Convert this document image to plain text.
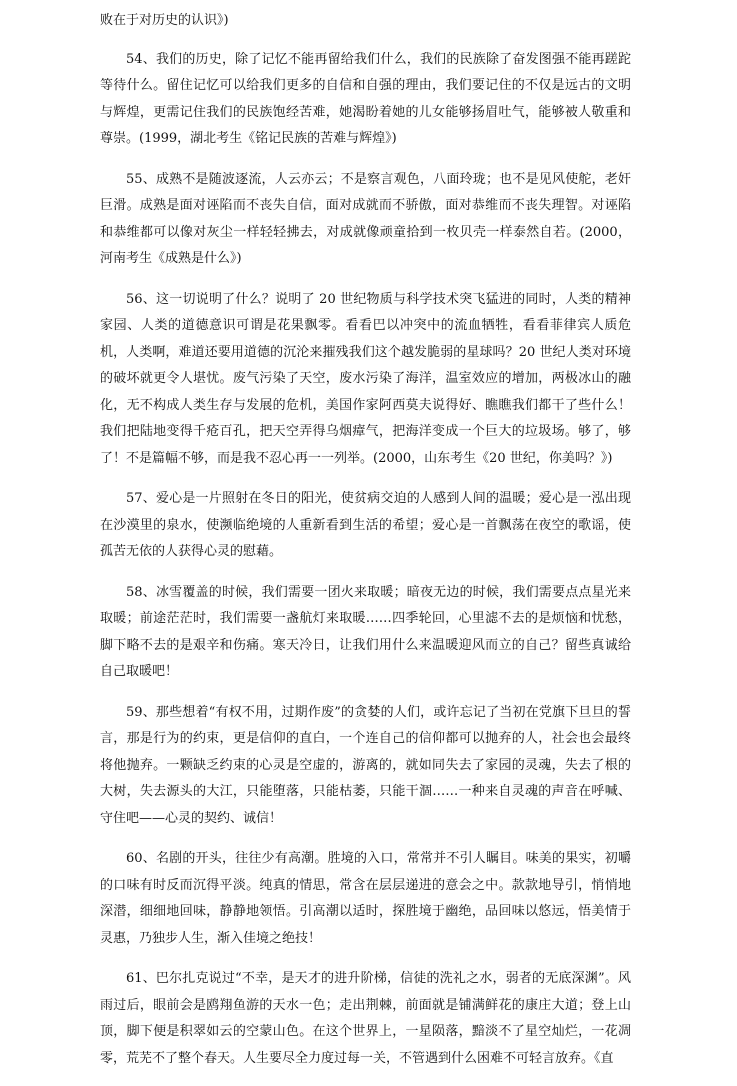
败在于对历史的认识》)

54、我们的历史，除了记忆不能再留给我们什么，我们的民族除了奋发图强不能再蹉跎等待什么。留住记忆可以给我们更多的自信和自强的理由，我们要记住的不仅是远古的文明与辉煌，更需记住我们的民族饱经苦难，她渴盼着她的儿女能够扬眉吐气，能够被人敬重和尊崇。(1999，湖北考生《铭记民族的苦难与辉煌》)

55、成熟不是随波逐流，人云亦云；不是察言观色，八面玲珑；也不是见风使舵，老奸巨滑。成熟是面对诬陷而不丧失自信，面对成就而不骄傲，面对恭维而不丧失理智。对诬陷和恭维都可以像对灰尘一样轻轻拂去，对成就像顽童拾到一枚贝壳一样泰然自若。(2000，河南考生《成熟是什么》)

56、这一切说明了什么？说明了 20 世纪物质与科学技术突飞猛进的同时，人类的精神家园、人类的道德意识可谓是花果飘零。看看巴以冲突中的流血牺牲，看看菲律宾人质危机，人类啊，难道还要用道德的沉沦来摧残我们这个越发脆弱的星球吗？20 世纪人类对环境的破坏就更令人堪忧。废气污染了天空，废水污染了海洋，温室效应的增加，两极冰山的融化，无不构成人类生存与发展的危机，美国作家阿西莫夫说得好、瞧瞧我们都干了些什么！我们把陆地变得千疮百孔，把天空弄得乌烟瘴气，把海洋变成一个巨大的垃圾场。够了，够了！不是篇幅不够，而是我不忍心再一一列举。(2000，山东考生《20 世纪，你美吗？》)

57、爱心是一片照射在冬日的阳光，使贫病交迫的人感到人间的温暖；爱心是一泓出现在沙漠里的泉水，使濒临绝境的人重新看到生活的希望；爱心是一首飘荡在夜空的歌谣，使孤苦无依的人获得心灵的慰藉。

58、冰雪覆盖的时候，我们需要一团火来取暖；暗夜无边的时候，我们需要点点星光来取暖；前途茫茫时，我们需要一盏航灯来取暖……四季轮回，心里滤不去的是烦恼和忧愁，脚下略不去的是艰辛和伤痛。寒天冷日，让我们用什么来温暖迎风而立的自己？留些真诚给自己取暖吧！

59、那些想着“有权不用，过期作废”的贪婪的人们，或许忘记了当初在党旗下旦旦的誓言，那是行为的约束，更是信仰的直白，一个连自己的信仰都可以抛弃的人，社会也会最终将他抛弃。一颗缺乏约束的心灵是空虚的，游离的，就如同失去了家园的灵魂，失去了根的大树，失去源头的大江，只能堕落，只能枯萎，只能干涸……一种来自灵魂的声音在呼喊、守住吧——心灵的契约、诚信！

60、名剧的开头，往往少有高潮。胜境的入口，常常并不引人瞩目。味美的果实，初嚼的口味有时反而沉得平淡。纯真的情思，常含在层层递进的意会之中。款款地导引，悄悄地深潜，细细地回味，静静地领悟。引高潮以适时，探胜境于幽绝，品回味以悠远，悟美情于灵惠，乃独步人生，渐入佳境之绝技！

61、巴尔扎克说过“不幸，是天才的进升阶梯，信徒的洗礼之水，弱者的无底深渊”。风雨过后，眼前会是鸥翔鱼游的天水一色；走出荆棘，前面就是铺满鲜花的康庄大道；登上山顶，脚下便是积翠如云的空蒙山色。在这个世界上，一星陨落，黯淡不了星空灿烂，一花凋零，荒芜不了整个春天。人生要尽全力度过每一关，不管遇到什么困难不可轻言放弃。《直
